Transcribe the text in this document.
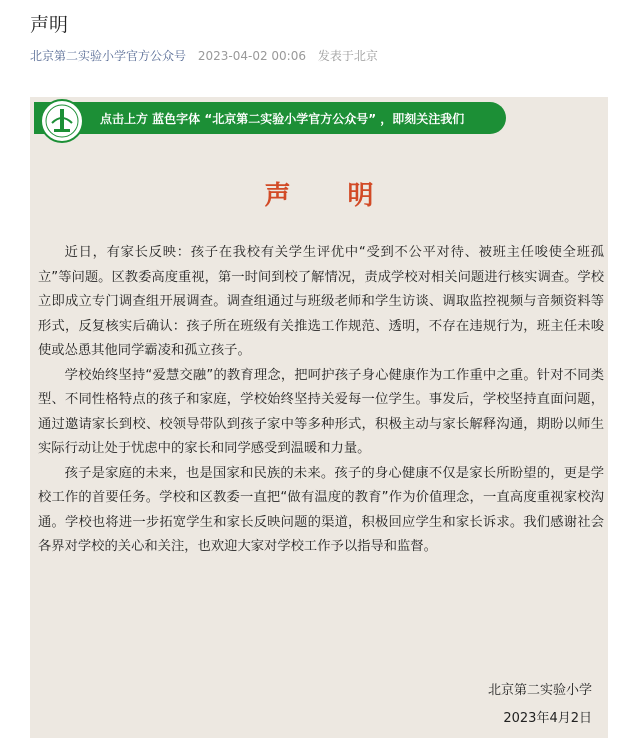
声明
北京第二实验小学官方公众号 2023-04-02 00:06 发表于北京
点击上方 蓝色字体 “北京第二实验小学官方公众号” ，即刻关注我们
声 明

近日，有家长反映：孩子在我校有关学生评优中“受到不公平对待、被班主任唆使全班孤立”等问题。区教委高度重视，第一时间到校了解情况，责成学校对相关问题进行核实调查。学校立即成立专门调查组开展调查。调查组通过与班级老师和学生访谈、调取监控视频与音频资料等形式，反复核实后确认：孩子所在班级有关推选工作规范、透明，不存在违规行为，班主任未唆使或怂恿其他同学霸凌和孤立孩子。

学校始终坚持“爱慧交融”的教育理念，把呵护孩子身心健康作为工作重中之重。针对不同类型、不同性格特点的孩子和家庭，学校始终坚持关爱每一位学生。事发后，学校坚持直面问题，通过邀请家长到校、校领导带队到孩子家中等多种形式，积极主动与家长解释沟通，期盼以师生实际行动让处于忧虑中的家长和同学感受到温暖和力量。

孩子是家庭的未来，也是国家和民族的未来。孩子的身心健康不仅是家长所盼望的，更是学校工作的首要任务。学校和区教委一直把“做有温度的教育”作为价值理念，一直高度重视家校沟通。学校也将进一步拓宽学生和家长反映问题的渠道，积极回应学生和家长诉求。我们感谢社会各界对学校的关心和关注，也欢迎大家对学校工作予以指导和监督。

北京第二实验小学
2023年4月2日
